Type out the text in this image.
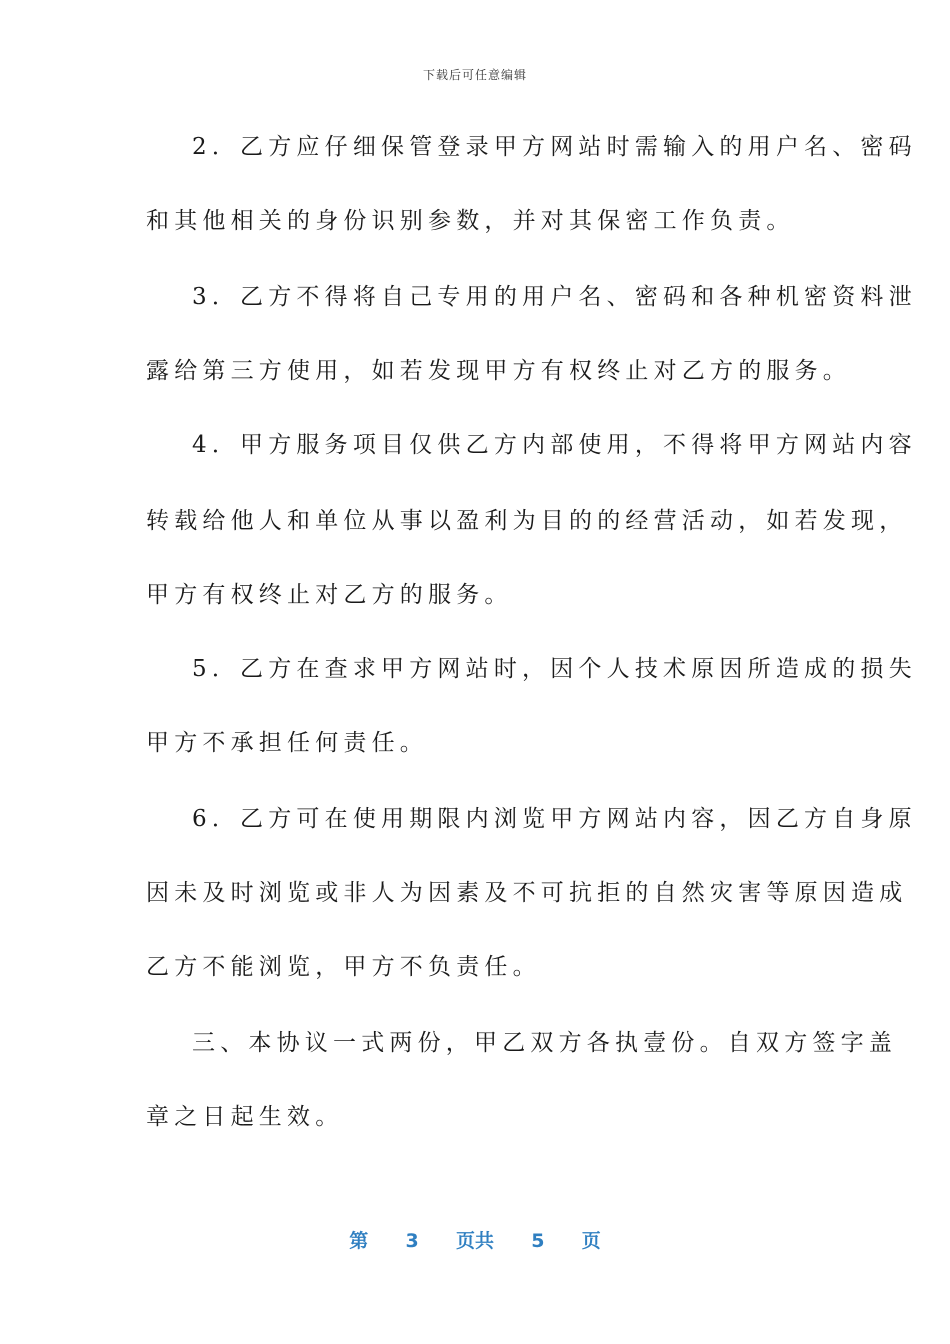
下载后可任意编辑
2．乙方应仔细保管登录甲方网站时需输入的用户名、密码
和其他相关的身份识别参数，并对其保密工作负责。
3．乙方不得将自己专用的用户名、密码和各种机密资料泄
露给第三方使用，如若发现甲方有权终止对乙方的服务。
4．甲方服务项目仅供乙方内部使用，不得将甲方网站内容
转载给他人和单位从事以盈利为目的的经营活动，如若发现，
甲方有权终止对乙方的服务。
5．乙方在查求甲方网站时，因个人技术原因所造成的损失
甲方不承担任何责任。
6．乙方可在使用期限内浏览甲方网站内容，因乙方自身原
因未及时浏览或非人为因素及不可抗拒的自然灾害等原因造成
乙方不能浏览，甲方不负责任。
三、本协议一式两份，甲乙双方各执壹份。自双方签字盖
章之日起生效。
第 3 页共 5 页
